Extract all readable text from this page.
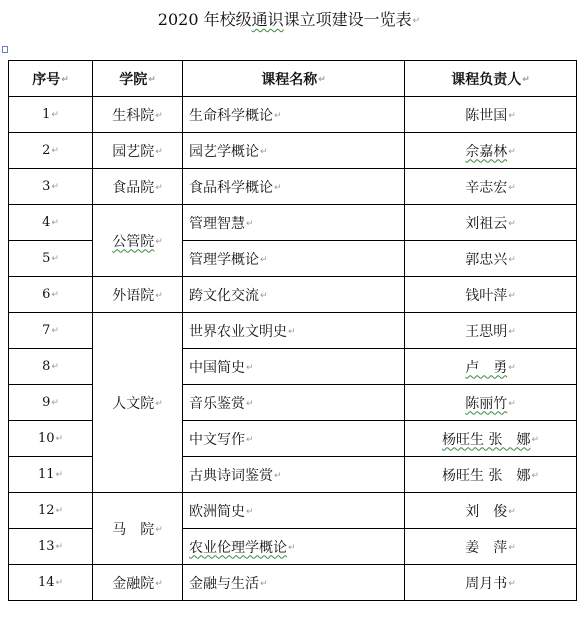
2020 年校级通识课立项建设一览表↵
序号↵	学院↵	课程名称↵	课程负责人↵
1↵	生科院↵	生命科学概论↵	陈世国↵
2↵	园艺院↵	园艺学概论↵	佘嘉林↵
3↵	食品院↵	食品科学概论↵	辛志宏↵
4↵	公管院↵	管理智慧↵	刘祖云↵
5↵		管理学概论↵	郭忠兴↵
6↵	外语院↵	跨文化交流↵	钱叶萍↵
7↵	人文院↵	世界农业文明史↵	王思明↵
8↵		中国简史↵	卢　勇↵
9↵		音乐鉴赏↵	陈丽竹↵
10↵		中文写作↵	杨旺生 张　娜↵
11↵		古典诗词鉴赏↵	杨旺生 张　娜↵
12↵	马　院↵	欧洲简史↵	刘　俊↵
13↵		农业伦理学概论↵	姜　萍↵
14↵	金融院↵	金融与生活↵	周月书↵
